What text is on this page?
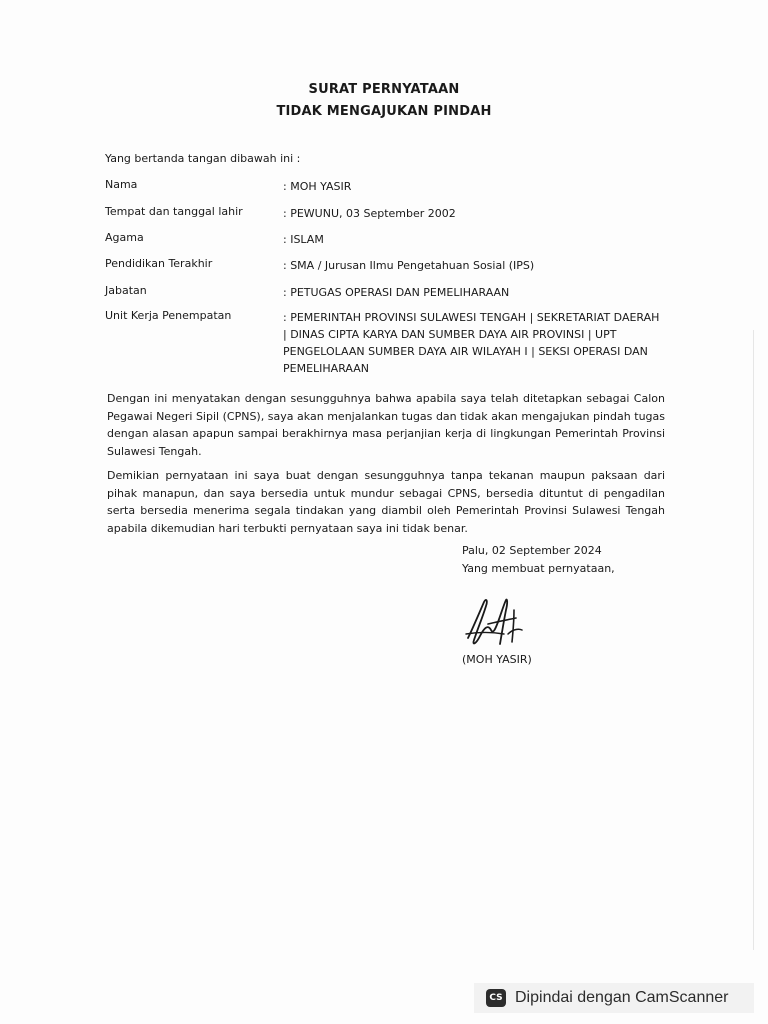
SURAT PERNYATAAN
TIDAK MENGAJUKAN PINDAH
Yang bertanda tangan dibawah ini :
Nama	: MOH YASIR
Tempat dan tanggal lahir	: PEWUNU, 03 September 2002
Agama	: ISLAM
Pendidikan Terakhir	: SMA / Jurusan Ilmu Pengetahuan Sosial (IPS)
Jabatan	: PETUGAS OPERASI DAN PEMELIHARAAN
Unit Kerja Penempatan	: PEMERINTAH PROVINSI SULAWESI TENGAH | SEKRETARIAT DAERAH | DINAS CIPTA KARYA DAN SUMBER DAYA AIR PROVINSI | UPT PENGELOLAAN SUMBER DAYA AIR WILAYAH I | SEKSI OPERASI DAN PEMELIHARAAN
Dengan ini menyatakan dengan sesungguhnya bahwa apabila saya telah ditetapkan sebagai Calon Pegawai Negeri Sipil (CPNS), saya akan menjalankan tugas dan tidak akan mengajukan pindah tugas dengan alasan apapun sampai berakhirnya masa perjanjian kerja di lingkungan Pemerintah Provinsi Sulawesi Tengah.
Demikian pernyataan ini saya buat dengan sesungguhnya tanpa tekanan maupun paksaan dari pihak manapun, dan saya bersedia untuk mundur sebagai CPNS, bersedia dituntut di pengadilan serta bersedia menerima segala tindakan yang diambil oleh Pemerintah Provinsi Sulawesi Tengah apabila dikemudian hari terbukti pernyataan saya ini tidak benar.
Palu, 02 September 2024
Yang membuat pernyataan,
(MOH YASIR)
CS Dipindai dengan CamScanner
